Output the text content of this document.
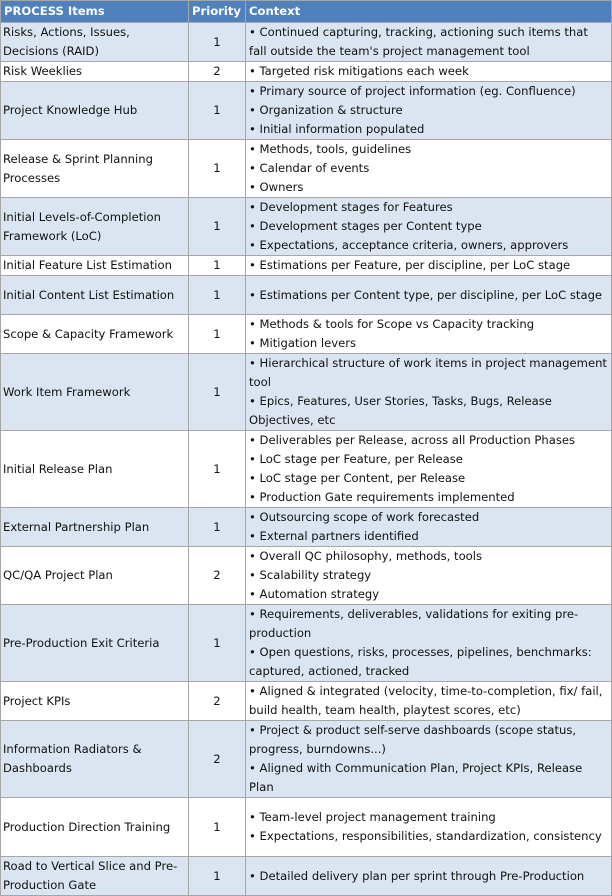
PROCESS Items	Priority	Context
Risks, Actions, Issues, Decisions (RAID)	1	• Continued capturing, tracking, actioning such items that fall outside the team's project management tool

Risk Weeklies	2	• Targeted risk mitigations each week

Project Knowledge Hub	1	• Primary source of project information (eg. Confluence)
• Organization & structure
• Initial information populated

Release & Sprint Planning Processes	1	• Methods, tools, guidelines
• Calendar of events
• Owners

Initial Levels-of-Completion Framework (LoC)	1	• Development stages for Features
• Development stages per Content type
• Expectations, acceptance criteria, owners, approvers

Initial Feature List Estimation	1	• Estimations per Feature, per discipline, per LoC stage

Initial Content List Estimation	1	• Estimations per Content type, per discipline, per LoC stage

Scope & Capacity Framework	1	• Methods & tools for Scope vs Capacity tracking
• Mitigation levers

Work Item Framework	1	• Hierarchical structure of work items in project management tool
• Epics, Features, User Stories, Tasks, Bugs, Release Objectives, etc

Initial Release Plan	1	• Deliverables per Release, across all Production Phases
• LoC stage per Feature, per Release
• LoC stage per Content, per Release
• Production Gate requirements implemented

External Partnership Plan	1	• Outsourcing scope of work forecasted
• External partners identified

QC/QA Project Plan	2	• Overall QC philosophy, methods, tools
• Scalability strategy
• Automation strategy

Pre-Production Exit Criteria	1	• Requirements, deliverables, validations for exiting pre-production
• Open questions, risks, processes, pipelines, benchmarks: captured, actioned, tracked

Project KPIs	2	• Aligned & integrated (velocity, time-to-completion, fix/ fail, build health, team health, playtest scores, etc)

Information Radiators & Dashboards	2	• Project & product self-serve dashboards (scope status, progress, burndowns...)
• Aligned with Communication Plan, Project KPIs, Release Plan

Production Direction Training	1	• Team-level project management training
• Expectations, responsibilities, standardization, consistency

Road to Vertical Slice and Pre-Production Gate	1	• Detailed delivery plan per sprint through Pre-Production
